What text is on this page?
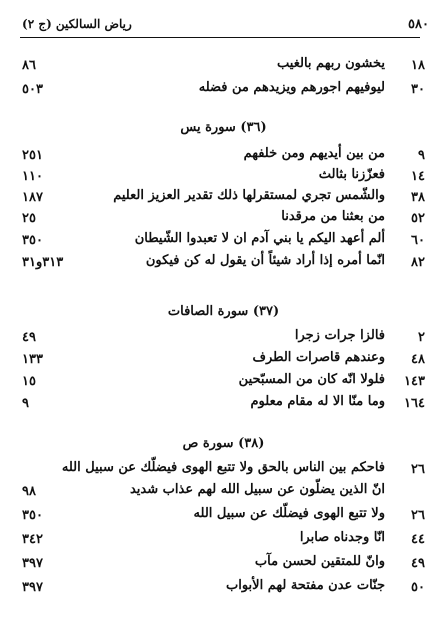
٥٨٠
رياض السالكين (ج ٢)
١٨
يخشون ربهم بالغيب
٨٦
٣٠
ليوفيهم اجورهم ويزيدهم من فضله
٥٠٣
(٣٦) سورة يس
٩
من بين أيديهم ومن خلفهم
٢٥١
١٤
فعزّزنا بثالث
١١٠
٣٨
والشّمس تجري لمستقرلها ذلك تقدير العزيز العليم
١٨٧
٥٢
من بعثنا من مرقدنا
٢٥
٦٠
ألم أعهد اليكم يا بني آدم ان لا تعبدوا الشّيطان
٣٥٠
٨٢
انّما أمره إذا أراد شيئاً أن يقول له كن فيكون
٣١٣و٣١
(٣٧) سورة الصافات
٢
فالزا جرات زجرا
٤٩
٤٨
وعندهم قاصرات الطرف
١٣٣
١٤٣
فلولا انّه كان من المسبّحين
١٥
١٦٤
وما منّا الا له مقام معلوم
٩
(٣٨) سورة ص
٢٦
فاحكم بين الناس بالحق ولا تتبع الهوى فيضلّك عن سبيل الله
انّ الذين يضلّون عن سبيل الله لهم عذاب شديد
٩٨
٢٦
ولا تتبع الهوى فيضلّك عن سبيل الله
٣٥٠
٤٤
انّا وجدناه صابرا
٣٤٢
٤٩
وانّ للمتقين لحسن مآب
٣٩٧
٥٠
جنّات عدن مفتحة لهم الأبواب
٣٩٧
